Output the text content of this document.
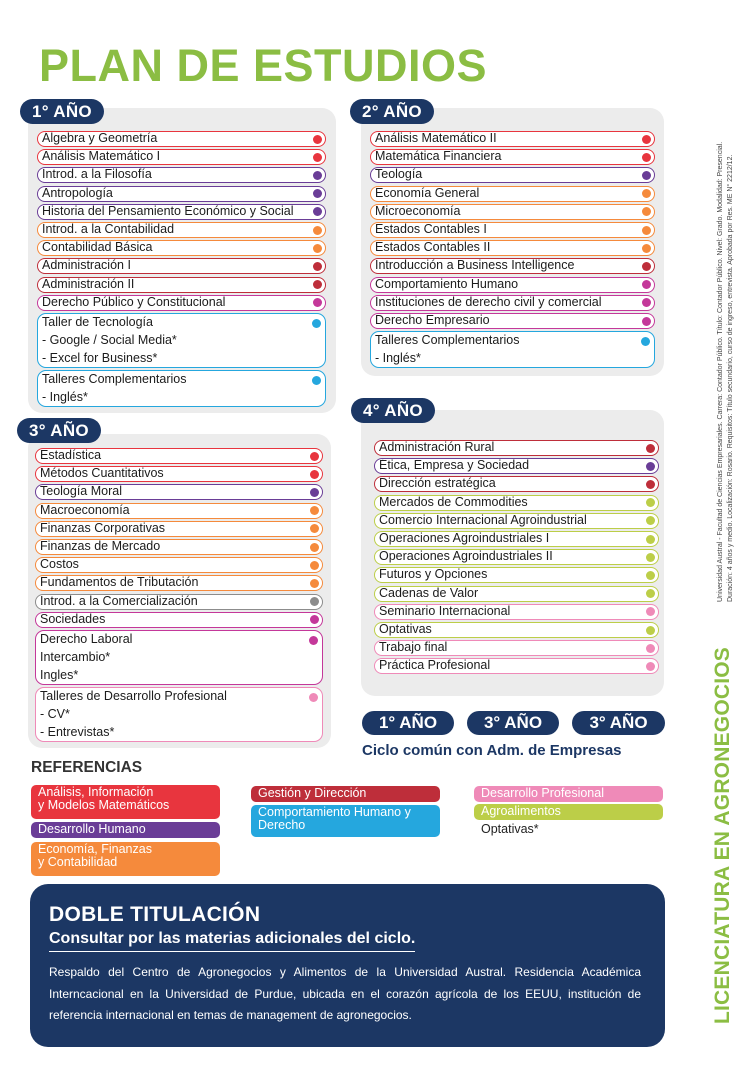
PLAN DE ESTUDIOS
1° AÑO
Álgebra y Geometría
Análisis Matemático I
Introd. a la Filosofía
Antropología
Historia del Pensamiento Económico y Social
Introd. a la Contabilidad
Contabilidad Básica
Administración I
Administración II
Derecho Público y Constitucional
Taller de Tecnología
- Google / Social Media*
- Excel for Business*
Talleres Complementarios
- Inglés*
2° AÑO
Análisis Matemático II
Matemática Financiera
Teología
Economía General
Microeconomía
Estados Contables I
Estados Contables II
Introducción a Business Intelligence
Comportamiento Humano
Instituciones de derecho civil y comercial
Derecho Empresario
Talleres Complementarios
- Inglés*
3° AÑO
Estadística
Métodos Cuantitativos
Teología Moral
Macroeconomía
Finanzas Corporativas
Finanzas de Mercado
Costos
Fundamentos de Tributación
Introd. a la Comercialización
Sociedades
Derecho Laboral
Intercambio*
Ingles*
Talleres de Desarrollo Profesional
- CV*
- Entrevistas*
4° AÑO
Administración Rural
Ética, Empresa y Sociedad
Dirección estratégica
Mercados de Commodities
Comercio Internacional Agroindustrial
Operaciones Agroindustriales I
Operaciones Agroindustriales II
Futuros y Opciones
Cadenas de Valor
Seminario Internacional
Optativas
Trabajo final
Práctica Profesional
1° AÑO	3° AÑO	3° AÑO
Ciclo común con Adm. de Empresas
REFERENCIAS
Análisis, Información
y Modelos Matemáticos
Desarrollo Humano
Economía, Finanzas
y Contabilidad
Gestión y Dirección
Comportamiento Humano y
Derecho
Desarrollo Profesional
Agroalimentos
Optativas*
DOBLE TITULACIÓN
Consultar por las materias adicionales del ciclo.
Respaldo del Centro de Agronegocios y Alimentos de la Universidad Austral. Residencia Académica Interncacional en la Universidad de Purdue, ubicada en el corazón agrícola de los EEUU, institución de referencia internacional en temas de management de agronegocios.	LICENCIATURA EN AGRONEGOCIOS
Universidad Austral - Facultad de Ciencias Empresariales. Carrera: Contador Público. Título: Contador Público. Nivel: Grado. Modalidad: Presencial. Duración: 4 años y medio. Localización: Rosario. Requisitos: Título secundario, curso de ingreso, entrevista. Aprobada por Res. ME N° 2212/12.
